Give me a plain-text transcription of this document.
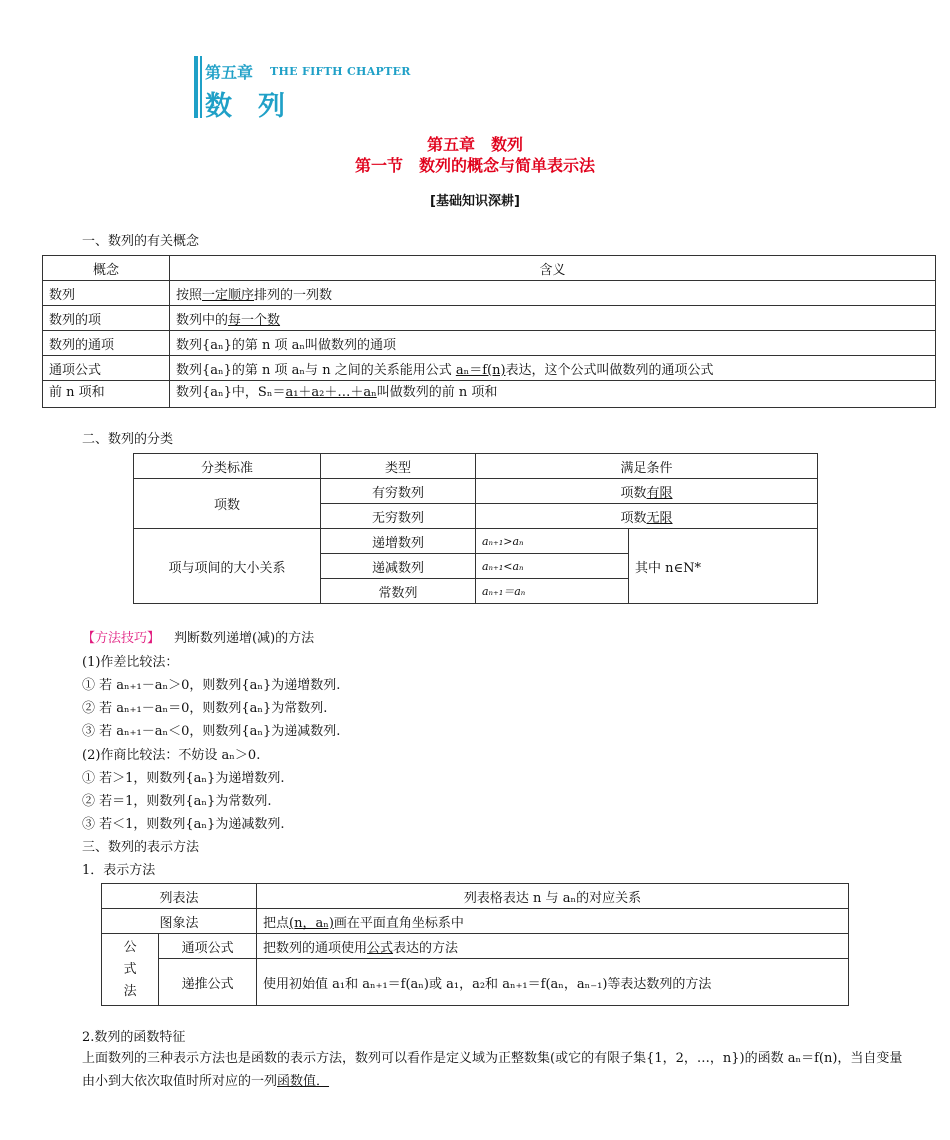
第五章 THE FIFTH CHAPTER
数列
第五章　数列
第一节　数列的概念与简单表示法
[基础知识深耕]
一、数列的有关概念
概念	含义
数列	按照一定顺序排列的一列数
数列的项	数列中的每一个数
数列的通项	数列{aₙ}的第 n 项 aₙ叫做数列的通项
通项公式	数列{aₙ}的第 n 项 aₙ与 n 之间的关系能用公式 aₙ＝f(n)表达，这个公式叫做数列的通项公式
前 n 项和	数列{aₙ}中，Sₙ＝a₁＋a₂＋…＋aₙ叫做数列的前 n 项和
二、数列的分类
分类标准	类型	满足条件	
项数	有穷数列	项数有限	
	无穷数列	项数无限	
项与项间的大小关系	递增数列	aₙ₊₁>aₙ	其中 n∈N*
	递减数列	aₙ₊₁<aₙ	
	常数列	aₙ₊₁＝aₙ	
【方法技巧】 判断数列递增(减)的方法
(1)作差比较法：
① 若 aₙ₊₁－aₙ＞0，则数列{aₙ}为递增数列.
② 若 aₙ₊₁－aₙ＝0，则数列{aₙ}为常数列.
③ 若 aₙ₊₁－aₙ＜0，则数列{aₙ}为递减数列.
(2)作商比较法：不妨设 aₙ＞0.
① 若＞1，则数列{aₙ}为递增数列.
② 若＝1，则数列{aₙ}为常数列.
③ 若＜1，则数列{aₙ}为递减数列.
三、数列的表示方法
1．表示方法
列表法		列表格表达 n 与 aₙ的对应关系
图象法		把点(n，aₙ)画在平面直角坐标系中

公
式
法	通项公式	把数列的通项使用公式表达的方法
	递推公式	使用初始值 a₁和 aₙ₊₁＝f(aₙ)或 a₁，a₂和 aₙ₊₁＝f(aₙ，aₙ₋₁)等表达数列的方法
2.数列的函数特征
上面数列的三种表示方法也是函数的表示方法，数列可以看作是定义域为正整数集(或它的有限子集{1，2，…，n})的函数 aₙ＝f(n)，当自变量由小到大依次取值时所对应的一列函数值．
